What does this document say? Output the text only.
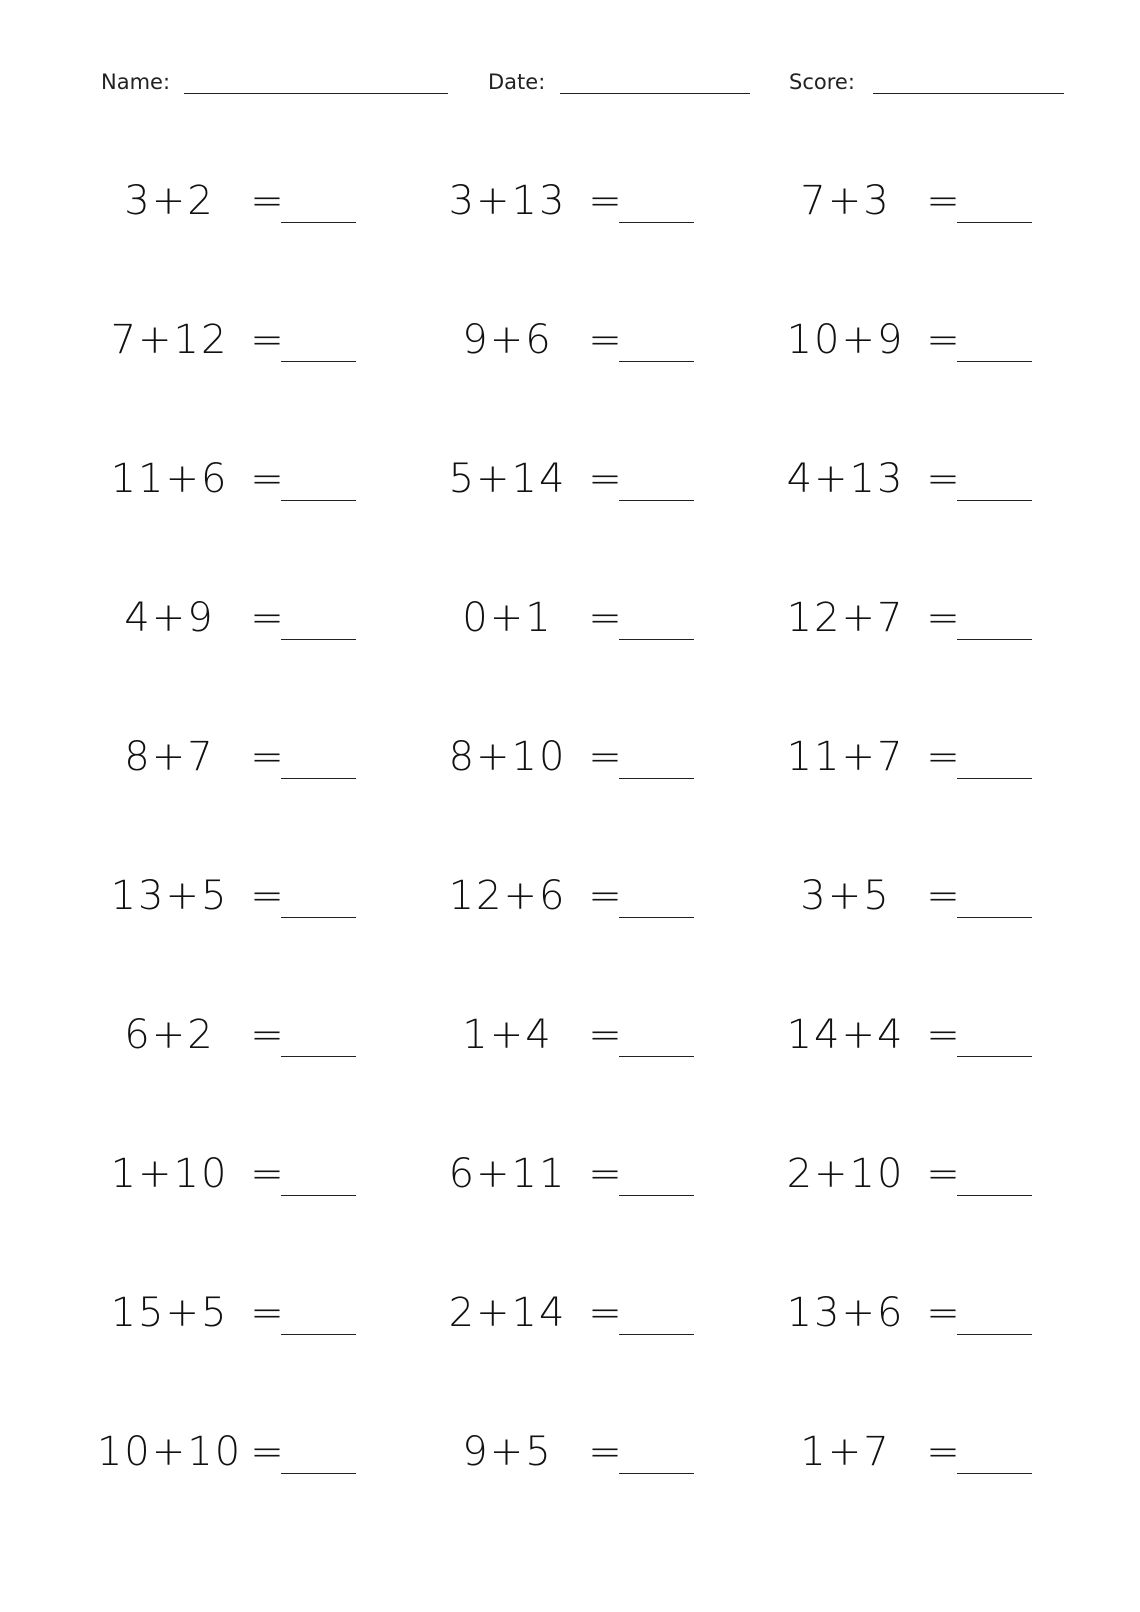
Name:	Date:	Score:
3+2 =	3+13 =	7+3 =
7+12 =	9+6 =	10+9 =
11+6 =	5+14 =	4+13 =
4+9 =	0+1 =	12+7 =
8+7 =	8+10 =	11+7 =
13+5 =	12+6 =	3+5 =
6+2 =	1+4 =	14+4 =
1+10 =	6+11 =	2+10 =
15+5 =	2+14 =	13+6 =
10+10 =	9+5 =	1+7 =
